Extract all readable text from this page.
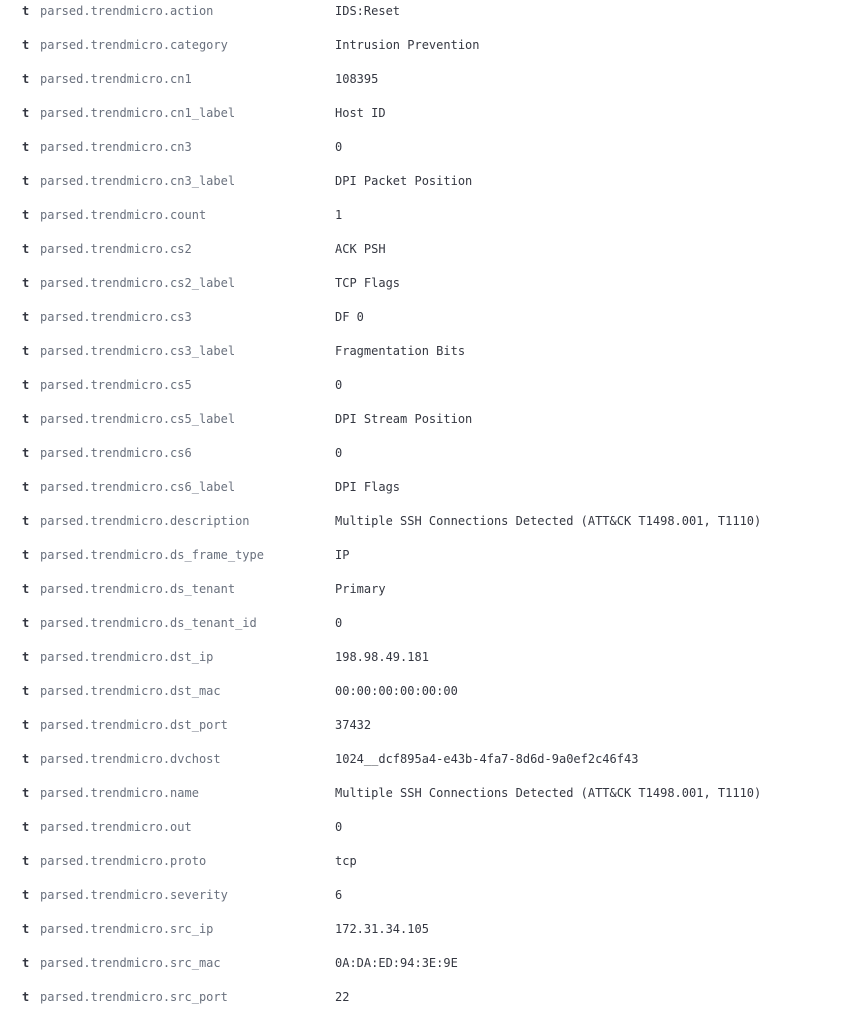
t parsed.trendmicro.action	IDS:Reset
t parsed.trendmicro.category	Intrusion Prevention
t parsed.trendmicro.cn1	108395
t parsed.trendmicro.cn1_label	Host ID
t parsed.trendmicro.cn3	0
t parsed.trendmicro.cn3_label	DPI Packet Position
t parsed.trendmicro.count	1
t parsed.trendmicro.cs2	ACK PSH
t parsed.trendmicro.cs2_label	TCP Flags
t parsed.trendmicro.cs3	DF 0
t parsed.trendmicro.cs3_label	Fragmentation Bits
t parsed.trendmicro.cs5	0
t parsed.trendmicro.cs5_label	DPI Stream Position
t parsed.trendmicro.cs6	0
t parsed.trendmicro.cs6_label	DPI Flags
t parsed.trendmicro.description	Multiple SSH Connections Detected (ATT&CK T1498.001, T1110)
t parsed.trendmicro.ds_frame_type	IP
t parsed.trendmicro.ds_tenant	Primary
t parsed.trendmicro.ds_tenant_id	0
t parsed.trendmicro.dst_ip	198.98.49.181
t parsed.trendmicro.dst_mac	00:00:00:00:00:00
t parsed.trendmicro.dst_port	37432
t parsed.trendmicro.dvchost	1024__dcf895a4-e43b-4fa7-8d6d-9a0ef2c46f43
t parsed.trendmicro.name	Multiple SSH Connections Detected (ATT&CK T1498.001, T1110)
t parsed.trendmicro.out	0
t parsed.trendmicro.proto	tcp
t parsed.trendmicro.severity	6
t parsed.trendmicro.src_ip	172.31.34.105
t parsed.trendmicro.src_mac	0A:DA:ED:94:3E:9E
t parsed.trendmicro.src_port	22
